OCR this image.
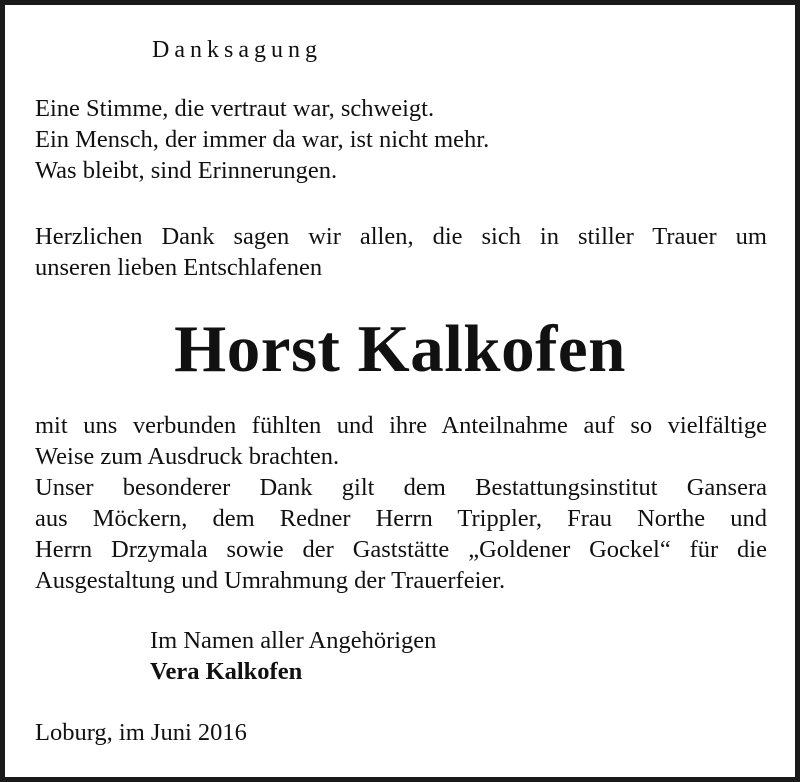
Danksagung

Eine Stimme, die vertraut war, schweigt.
Ein Mensch, der immer da war, ist nicht mehr.
Was bleibt, sind Erinnerungen.

Herzlichen Dank sagen wir allen, die sich in stiller Trauer um
unseren lieben Entschlafenen

Horst Kalkofen

mit uns verbunden fühlten und ihre Anteilnahme auf so vielfältige
Weise zum Ausdruck brachten.
Unser besonderer Dank gilt dem Bestattungsinstitut Gansera
aus Möckern, dem Redner Herrn Trippler, Frau Northe und
Herrn Drzymala sowie der Gaststätte „Goldener Gockel“ für die
Ausgestaltung und Umrahmung der Trauerfeier.

Im Namen aller Angehörigen
Vera Kalkofen

Loburg, im Juni 2016
